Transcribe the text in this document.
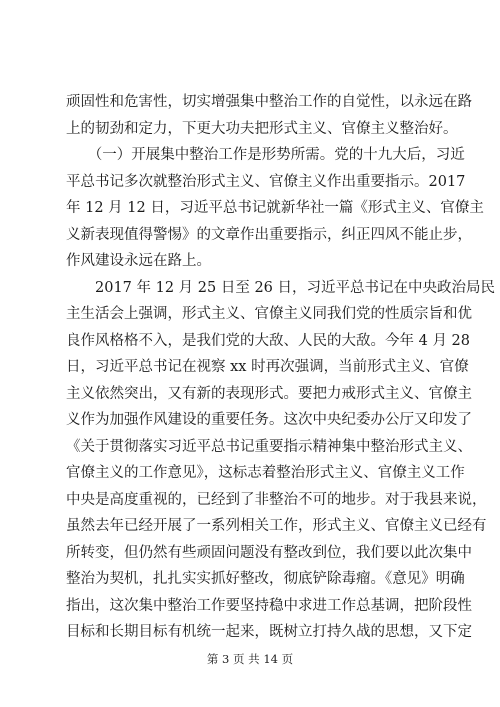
顽固性和危害性，切实增强集中整治工作的自觉性，以永远在路
上的韧劲和定力，下更大功夫把形式主义、官僚主义整治好。
　　（一）开展集中整治工作是形势所需。党的十九大后，习近
平总书记多次就整治形式主义、官僚主义作出重要指示。2017
年 12 月 12 日，习近平总书记就新华社一篇《形式主义、官僚主
义新表现值得警惕》的文章作出重要指示，纠正四风不能止步，
作风建设永远在路上。
　　2017 年 12 月 25 日至 26 日，习近平总书记在中央政治局民
主生活会上强调，形式主义、官僚主义同我们党的性质宗旨和优
良作风格格不入，是我们党的大敌、人民的大敌。今年 4 月 28
日，习近平总书记在视察 xx 时再次强调，当前形式主义、官僚
主义依然突出，又有新的表现形式。要把力戒形式主义、官僚主
义作为加强作风建设的重要任务。这次中央纪委办公厅又印发了
《关于贯彻落实习近平总书记重要指示精神集中整治形式主义、
官僚主义的工作意见》，这标志着整治形式主义、官僚主义工作
中央是高度重视的，已经到了非整治不可的地步。对于我县来说，
虽然去年已经开展了一系列相关工作，形式主义、官僚主义已经有
所转变，但仍然有些顽固问题没有整改到位，我们要以此次集中
整治为契机，扎扎实实抓好整改，彻底铲除毒瘤。《意见》明确
指出，这次集中整治工作要坚持稳中求进工作总基调，把阶段性
目标和长期目标有机统一起来，既树立打持久战的思想，又下定
第 3 页 共 14 页
